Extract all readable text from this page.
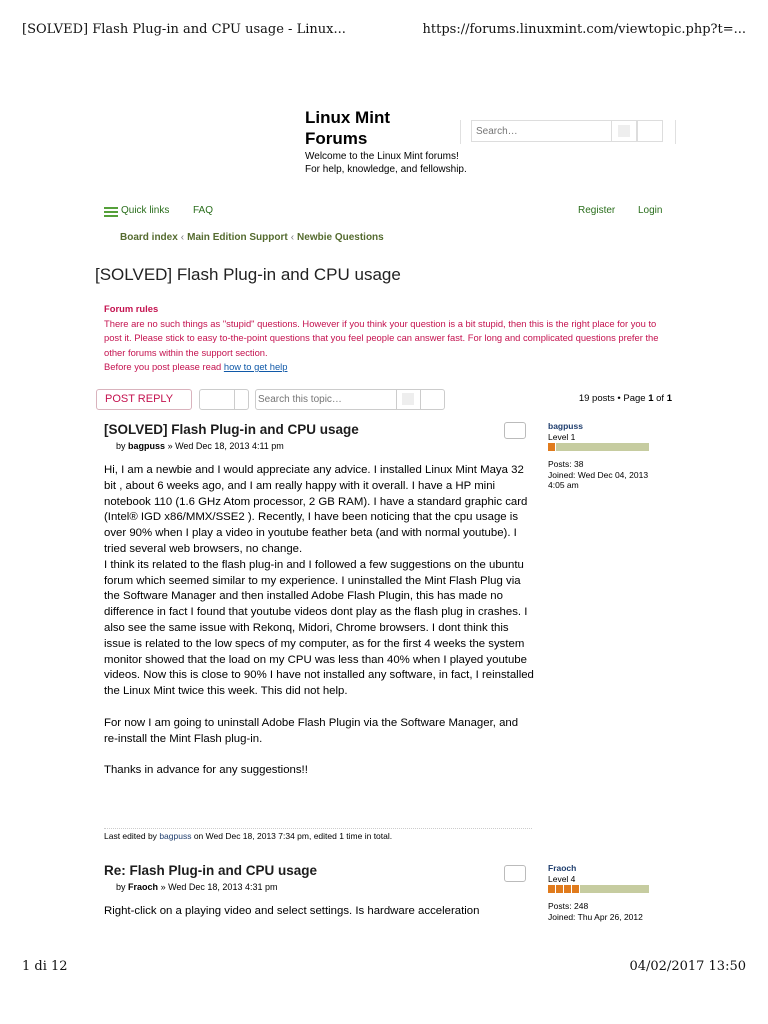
[SOLVED] Flash Plug-in and CPU usage - Linux...	https://forums.linuxmint.com/viewtopic.php?t=...
Linux Mint
Forums
Welcome to the Linux Mint forums!
For help, knowledge, and fellowship.
Search…
Quick links FAQ	Register Login
Board index ‹ Main Edition Support ‹ Newbie Questions
[SOLVED] Flash Plug-in and CPU usage
Forum rules
There are no such things as "stupid" questions. However if you think your question is a bit stupid, then this is the right place for you to post it. Please stick to easy to-the-point questions that you feel people can answer fast. For long and complicated questions prefer the other forums within the support section.
Before you post please read how to get help
POST REPLY
Search this topic…	19 posts • Page 1 of 1
[SOLVED] Flash Plug-in and CPU usage
by bagpuss » Wed Dec 18, 2013 4:11 pm

Hi, I am a newbie and I would appreciate any advice. I installed Linux Mint Maya 32 bit , about 6 weeks ago, and I am really happy with it overall. I have a HP mini notebook 110 (1.6 GHz Atom processor, 2 GB RAM). I have a standard graphic card (Intel® IGD x86/MMX/SSE2 ). Recently, I have been noticing that the cpu usage is over 90% when I play a video in youtube feather beta (and with normal youtube). I tried several web browsers, no change.

I think its related to the flash plug-in and I followed a few suggestions on the ubuntu forum which seemed similar to my experience. I uninstalled the Mint Flash Plug via the Software Manager and then installed Adobe Flash Plugin, this has made no difference in fact I found that youtube videos dont play as the flash plug in crashes. I also see the same issue with Rekonq, Midori, Chrome browsers. I dont think this issue is related to the low specs of my computer, as for the first 4 weeks the system monitor showed that the load on my CPU was less than 40% when I played youtube videos. Now this is close to 90% I have not installed any software, in fact, I reinstalled the Linux Mint twice this week. This did not help.

For now I am going to uninstall Adobe Flash Plugin via the Software Manager, and re-install the Mint Flash plug-in.

Thanks in advance for any suggestions!!

Last edited by bagpuss on Wed Dec 18, 2013 7:34 pm, edited 1 time in total.
bagpuss
Level 1
Posts: 38
Joined: Wed Dec 04, 2013 4:05 am
Re: Flash Plug-in and CPU usage
by Fraoch » Wed Dec 18, 2013 4:31 pm

Right-click on a playing video and select settings. Is hardware acceleration

Fraoch
Level 4
Posts: 248
Joined: Thu Apr 26, 2012
1 di 12	04/02/2017 13:50
